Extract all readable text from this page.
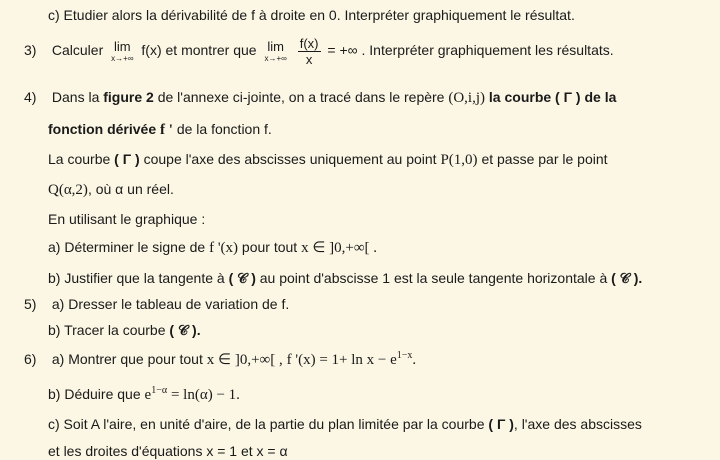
c) Etudier alors la dérivabilité de f à droite en 0. Interpréter graphiquement le résultat.
3) Calculer lim
x→+∞ f(x) et montrer que lim
x→+∞
$\frac{f(x)}{x}$ = +∞ . Interpréter graphiquement les résultats.
4) Dans la figure 2 de l'annexe ci-jointe, on a tracé dans le repère (O,i,j) la courbe ( Γ ) de la
fonction dérivée f ' de la fonction f.
La courbe ( Γ ) coupe l'axe des abscisses uniquement au point P(1,0) et passe par le point
Q(α,2), où α un réel.
En utilisant le graphique :
a) Déterminer le signe de f '(x) pour tout x ∈ ]0,+∞[ .
b) Justifier que la tangente à ( 𝒞 ) au point d'abscisse 1 est la seule tangente horizontale à ( 𝒞 ).
5) a) Dresser le tableau de variation de f.
b) Tracer la courbe ( 𝒞 ).
6) a) Montrer que pour tout x ∈ ]0,+∞[ , f '$(x) = 1+ \ln x - e^{1-x}$.
b) Déduire que $e^{1-\alpha} = \ln(\alpha) - 1$.
c) Soit A l'aire, en unité d'aire, de la partie du plan limitée par la courbe ( Γ ), l'axe des abscisses
et les droites d'équations x = 1 et x = α
